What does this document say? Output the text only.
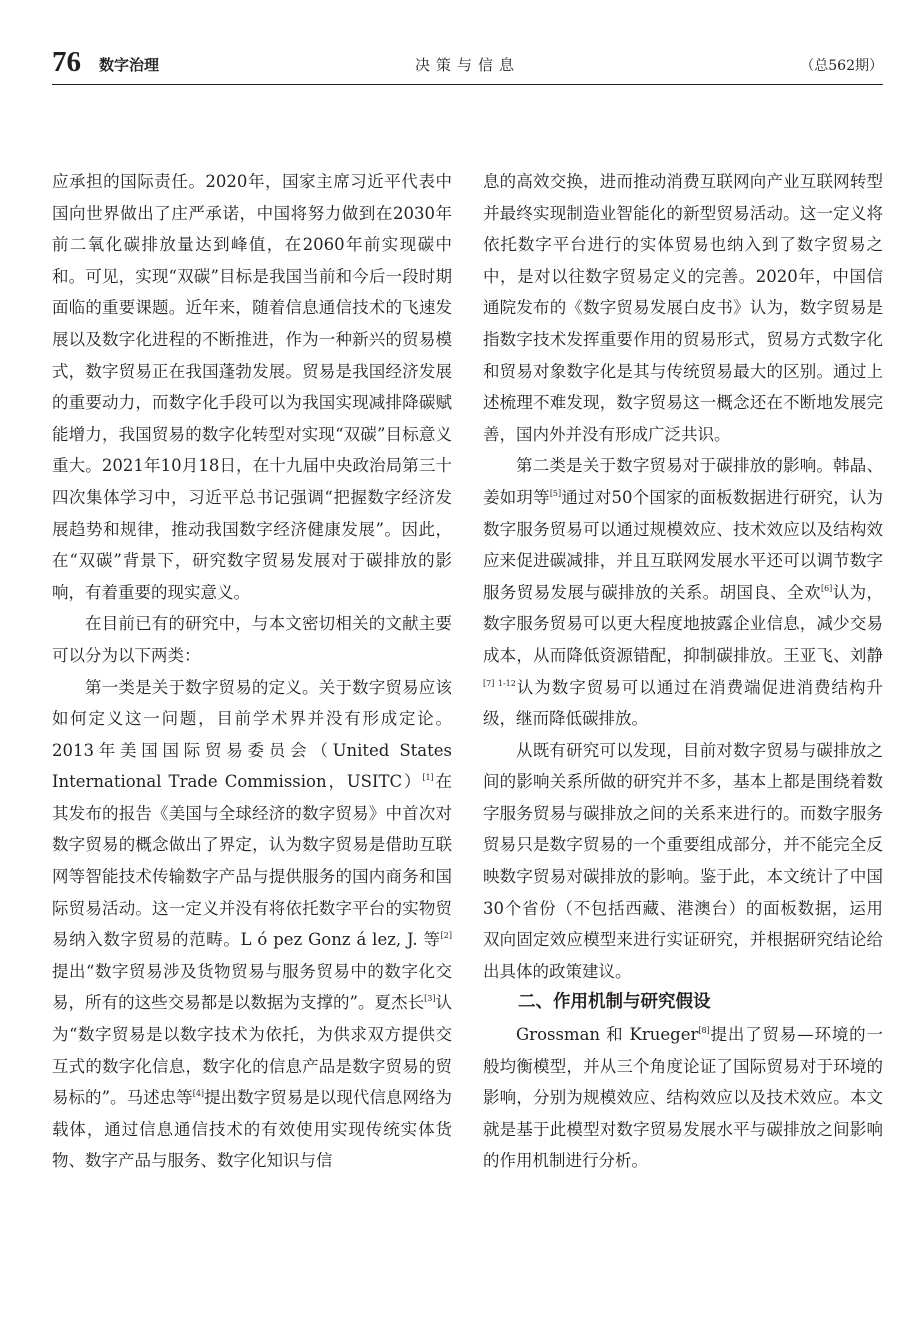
76 数字治理	决策与信息	（总562期）

应承担的国际责任。2020年，国家主席习近平代表中国向世界做出了庄严承诺，中国将努力做到在2030年前二氧化碳排放量达到峰值，在2060年前实现碳中和。可见，实现“双碳”目标是我国当前和今后一段时期面临的重要课题。近年来，随着信息通信技术的飞速发展以及数字化进程的不断推进，作为一种新兴的贸易模式，数字贸易正在我国蓬勃发展。贸易是我国经济发展的重要动力，而数字化手段可以为我国实现减排降碳赋能增力，我国贸易的数字化转型对实现“双碳”目标意义重大。2021年10月18日，在十九届中央政治局第三十四次集体学习中，习近平总书记强调“把握数字经济发展趋势和规律，推动我国数字经济健康发展”。因此，在“双碳”背景下，研究数字贸易发展对于碳排放的影响，有着重要的现实意义。

在目前已有的研究中，与本文密切相关的文献主要可以分为以下两类：

第一类是关于数字贸易的定义。关于数字贸易应该如何定义这一问题，目前学术界并没有形成定论。2013年美国国际贸易委员会（United States International Trade Commission，USITC）[1]在其发布的报告《美国与全球经济的数字贸易》中首次对数字贸易的概念做出了界定，认为数字贸易是借助互联网等智能技术传输数字产品与提供服务的国内商务和国际贸易活动。这一定义并没有将依托数字平台的实物贸易纳入数字贸易的范畴。L ó pez Gonz á lez, J. 等[2]提出“数字贸易涉及货物贸易与服务贸易中的数字化交易，所有的这些交易都是以数据为支撑的”。夏杰长[3]认为“数字贸易是以数字技术为依托，为供求双方提供交互式的数字化信息，数字化的信息产品是数字贸易的贸易标的”。马述忠等[4]提出数字贸易是以现代信息网络为载体，通过信息通信技术的有效使用实现传统实体货物、数字产品与服务、数字化知识与信

息的高效交换，进而推动消费互联网向产业互联网转型并最终实现制造业智能化的新型贸易活动。这一定义将依托数字平台进行的实体贸易也纳入到了数字贸易之中，是对以往数字贸易定义的完善。2020年，中国信通院发布的《数字贸易发展白皮书》认为，数字贸易是指数字技术发挥重要作用的贸易形式，贸易方式数字化和贸易对象数字化是其与传统贸易最大的区别。通过上述梳理不难发现，数字贸易这一概念还在不断地发展完善，国内外并没有形成广泛共识。

第二类是关于数字贸易对于碳排放的影响。韩晶、姜如玥等[5]通过对50个国家的面板数据进行研究，认为数字服务贸易可以通过规模效应、技术效应以及结构效应来促进碳减排，并且互联网发展水平还可以调节数字服务贸易发展与碳排放的关系。胡国良、全欢[6]认为，数字服务贸易可以更大程度地披露企业信息，减少交易成本，从而降低资源错配，抑制碳排放。王亚飞、刘静$^{[7] 1-12}$认为数字贸易可以通过在消费端促进消费结构升级，继而降低碳排放。

从既有研究可以发现，目前对数字贸易与碳排放之间的影响关系所做的研究并不多，基本上都是围绕着数字服务贸易与碳排放之间的关系来进行的。而数字服务贸易只是数字贸易的一个重要组成部分，并不能完全反映数字贸易对碳排放的影响。鉴于此，本文统计了中国30个省份（不包括西藏、港澳台）的面板数据，运用双向固定效应模型来进行实证研究，并根据研究结论给出具体的政策建议。

二、作用机制与研究假设

Grossman 和 Krueger[8]提出了贸易—环境的一般均衡模型，并从三个角度论证了国际贸易对于环境的影响，分别为规模效应、结构效应以及技术效应。本文就是基于此模型对数字贸易发展水平与碳排放之间影响的作用机制进行分析。
